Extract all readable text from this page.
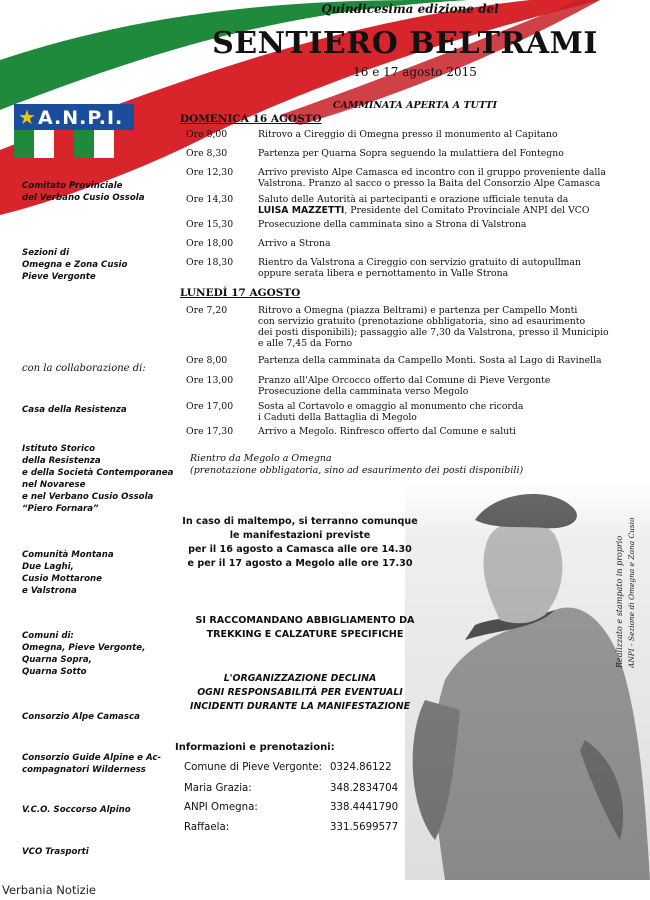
Quindicesima edizione del
SENTIERO BELTRAMI
16 e 17 agosto 2015
CAMMINATA APERTA A TUTTI
★A.N.P.I.
Comitato Provinciale
del Verbano Cusio Ossola
Sezioni di
Omegna e Zona Cusio
Pieve Vergonte
con la collaborazione di:
Casa della Resistenza
Istituto Storico
della Resistenza
e della Società Contemporanea
nel Novarese
e nel Verbano Cusio Ossola
“Piero Fornara”
Comunità Montana
Due Laghi,
Cusio Mottarone
e Valstrona
Comuni di:
Omegna, Pieve Vergonte,
Quarna Sopra,
Quarna Sotto
Consorzio Alpe Camasca
Consorzio Guide Alpine e Ac-
compagnatori Wilderness
V.C.O. Soccorso Alpino
VCO Trasporti
DOMENICA 16 AGOSTO
Ore 8,00	Ritrovo a Cireggio di Omegna presso il monumento al Capitano
Ore 8,30	Partenza per Quarna Sopra seguendo la mulattiera del Fontegno
Ore 12,30	Arrivo previsto Alpe Camasca ed incontro con il gruppo proveniente dalla
Valstrona. Pranzo al sacco o presso la Baita del Consorzio Alpe Camasca
Ore 14,30	Saluto delle Autorità ai partecipanti e orazione ufficiale tenuta da
LUISA MAZZETTI, Presidente del Comitato Provinciale ANPI del VCO
Ore 15,30	Prosecuzione della camminata sino a Strona di Valstrona
Ore 18,00	Arrivo a Strona
Ore 18,30	Rientro da Valstrona a Cireggio con servizio gratuito di autopullman
oppure serata libera e pernottamento in Valle Strona
LUNEDÌ 17 AGOSTO
Ore 7,20	Ritrovo a Omegna (piazza Beltrami) e partenza per Campello Monti
con servizio gratuito (prenotazione obbligatoria, sino ad esaurimento
dei posti disponibili); passaggio alle 7,30 da Valstrona, presso il Municipio
e alle 7,45 da Forno
Ore 8,00	Partenza della camminata da Campello Monti. Sosta al Lago di Ravinella
Ore 13,00	Pranzo all'Alpe Orcocco offerto dal Comune di Pieve Vergonte
Prosecuzione della camminata verso Megolo
Ore 17,00	Sosta al Cortavolo e omaggio al monumento che ricorda
i Caduti della Battaglia di Megolo
Ore 17,30	Arrivo a Megolo. Rinfresco offerto dal Comune e saluti
Rientro da Megolo a Omegna
(prenotazione obbligatoria, sino ad esaurimento dei posti disponibili)
In caso di maltempo, si terranno comunque
le manifestazioni previste
per il 16 agosto a Camasca alle ore 14.30
e per il 17 agosto a Megolo alle ore 17.30
SI RACCOMANDANO ABBIGLIAMENTO DA
TREKKING E CALZATURE SPECIFICHE
L'ORGANIZZAZIONE DECLINA
OGNI RESPONSABILITÀ PER EVENTUALI
INCIDENTI DURANTE LA MANIFESTAZIONE
Informazioni e prenotazioni:
Comune di Pieve Vergonte: 0324.86122
Maria Grazia:	348.2834704
ANPI Omegna:	338.4441790
Raffaela:	331.5699577
Realizzato e stampato in proprio ANPI - Sezione di Omegna e Zona Cusio
Verbania Notizie
